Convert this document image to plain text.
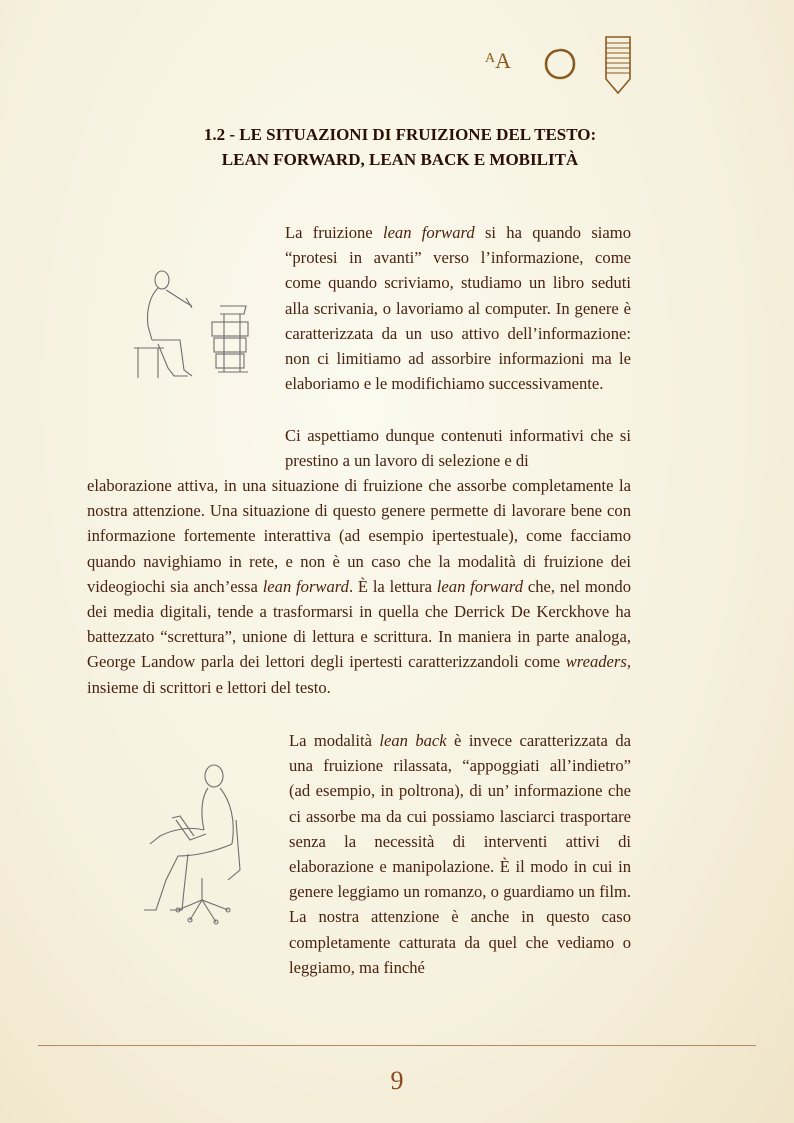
$^A$A
1.2 - LE SITUAZIONI DI FRUIZIONE DEL TESTO:
LEAN FORWARD, LEAN BACK E MOBILITÀ

La fruizione lean forward si ha quando siamo “protesi in avanti” verso l’informazione, come come quando scriviamo, studiamo un libro seduti alla scrivania, o lavoriamo al computer. In genere è caratterizzata da un uso attivo dell’informazione: non ci limitiamo ad assorbire informazioni ma le elaboriamo e le modifichiamo successivamente.

Ci aspettiamo dunque contenuti informativi che si prestino a un lavoro di selezione e di

elaborazione attiva, in una situazione di fruizione che assorbe completamente la nostra attenzione. Una situazione di questo genere permette di lavorare bene con informazione fortemente interattiva (ad esempio ipertestuale), come facciamo quando navighiamo in rete, e non è un caso che la modalità di fruizione dei videogiochi sia anch’essa lean forward. È la lettura lean forward che, nel mondo dei media digitali, tende a trasformarsi in quella che Derrick De Kerckhove ha battezzato “screttura”, unione di lettura e scrittura. In maniera in parte analoga, George Landow parla dei lettori degli ipertesti caratterizzandoli come wreaders, insieme di scrittori e lettori del testo.

La modalità lean back è invece caratterizzata da una fruizione rilassata, “appoggiati all’indietro” (ad esempio, in poltrona), di un’ informazione che ci assorbe ma da cui possiamo lasciarci trasportare senza la necessità di interventi attivi di elaborazione e manipolazione. È il modo in cui in genere leggiamo un romanzo, o guardiamo un film. La nostra attenzione è anche in questo caso completamente catturata da quel che vediamo o leggiamo, ma finché

9
